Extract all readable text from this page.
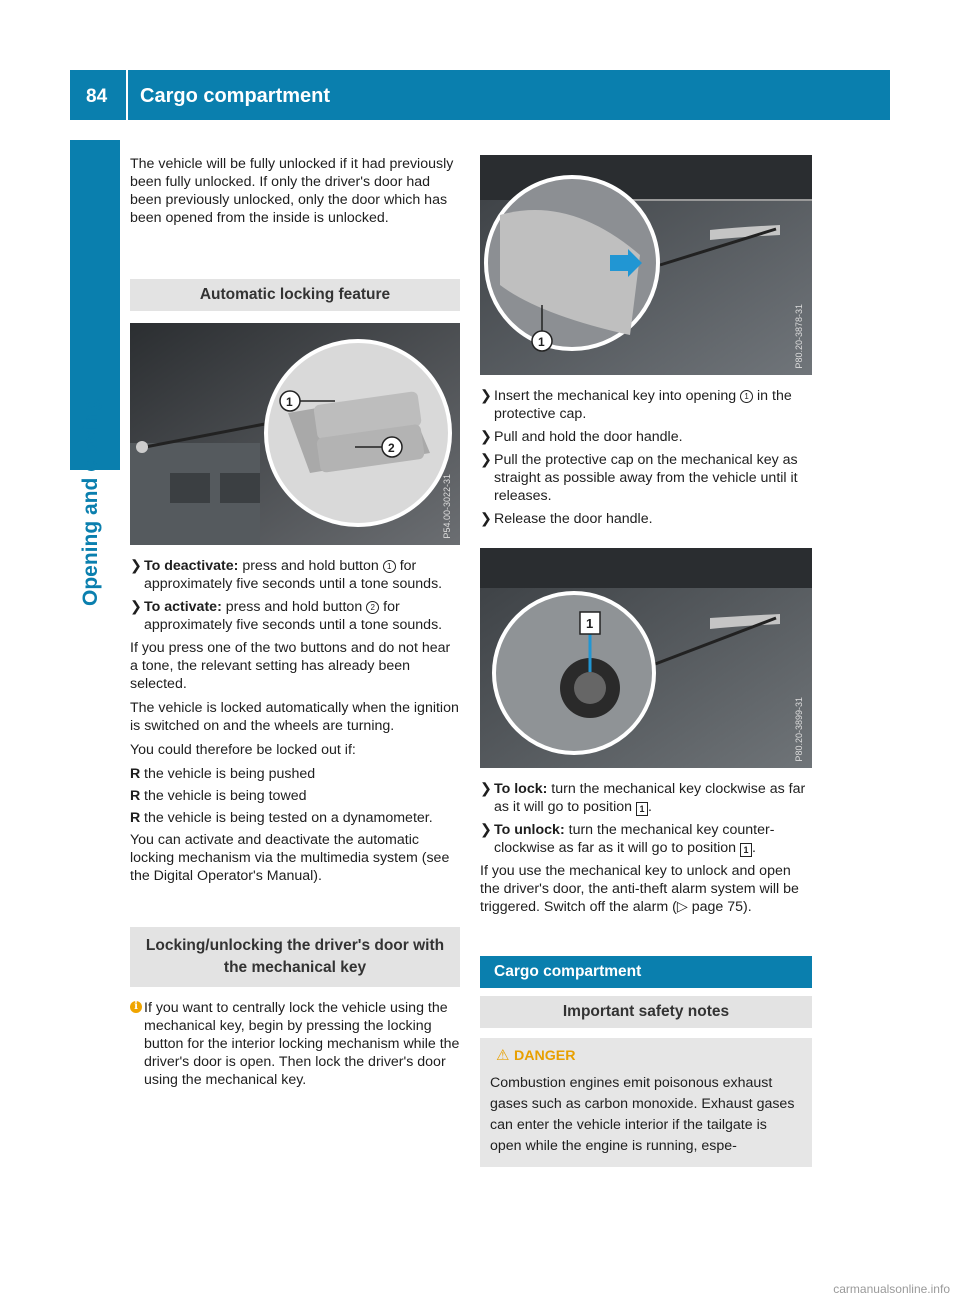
84 Cargo compartment
Opening and closing

The vehicle will be fully unlocked if it had previously been fully unlocked. If only the driver's door had been previously unlocked, only the door which has been opened from the inside is unlocked.

Automatic locking feature
1
2
P54.00-3022-31
❯ To deactivate: press and hold button 1 for approximately five seconds until a tone sounds.
❯ To activate: press and hold button 2 for approximately five seconds until a tone sounds.

If you press one of the two buttons and do not hear a tone, the relevant setting has already been selected.

The vehicle is locked automatically when the ignition is switched on and the wheels are turning.

You could therefore be locked out if:

R the vehicle is being pushed
R the vehicle is being towed
R the vehicle is being tested on a dynamometer.

You can activate and deactivate the automatic locking mechanism via the multimedia system (see the Digital Operator's Manual).

Locking/unlocking the driver's door with the mechanical key
i If you want to centrally lock the vehicle using the mechanical key, begin by pressing the locking button for the interior locking mechanism while the driver's door is open. Then lock the driver's door using the mechanical key.
1	P80.20-3878-31
❯ Insert the mechanical key into opening 1 in the protective cap.
❯ Pull and hold the door handle.
❯ Pull the protective cap on the mechanical key as straight as possible away from the vehicle until it releases.
❯ Release the door handle.
1
P80.20-3899-31
❯ To lock: turn the mechanical key clockwise as far as it will go to position 1 .
❯ To unlock: turn the mechanical key counter-clockwise as far as it will go to position 1 .

If you use the mechanical key to unlock and open the driver's door, the anti-theft alarm system will be triggered. Switch off the alarm (▷ page 75).

Cargo compartment
Important safety notes
⚠ DANGER
Combustion engines emit poisonous exhaust gases such as carbon monoxide. Exhaust gases can enter the vehicle interior if the tailgate is open while the engine is running, espe-
carmanualsonline.info
